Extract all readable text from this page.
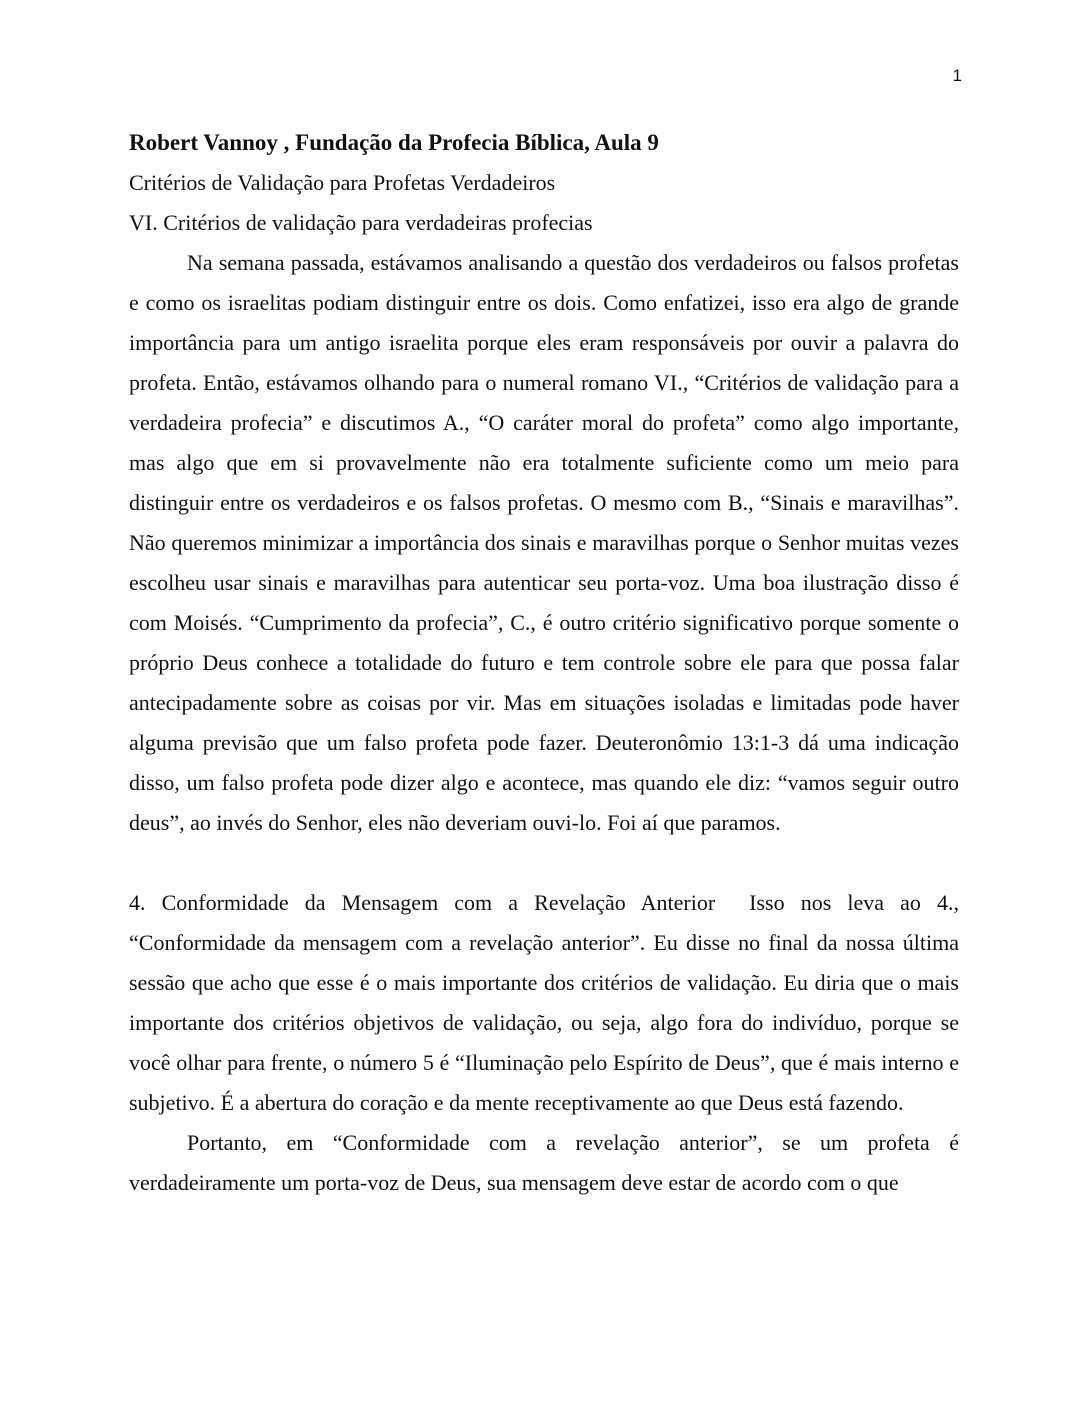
1

Robert Vannoy , Fundação da Profecia Bíblica, Aula 9

Critérios de Validação para Profetas Verdadeiros

VI. Critérios de validação para verdadeiras profecias

Na semana passada, estávamos analisando a questão dos verdadeiros ou falsos profetas e como os israelitas podiam distinguir entre os dois. Como enfatizei, isso era algo de grande importância para um antigo israelita porque eles eram responsáveis por ouvir a palavra do profeta. Então, estávamos olhando para o numeral romano VI., “Critérios de validação para a verdadeira profecia” e discutimos A., “O caráter moral do profeta” como algo importante, mas algo que em si provavelmente não era totalmente suficiente como um meio para distinguir entre os verdadeiros e os falsos profetas. O mesmo com B., “Sinais e maravilhas”. Não queremos minimizar a importância dos sinais e maravilhas porque o Senhor muitas vezes escolheu usar sinais e maravilhas para autenticar seu porta-voz. Uma boa ilustração disso é com Moisés. “Cumprimento da profecia”, C., é outro critério significativo porque somente o próprio Deus conhece a totalidade do futuro e tem controle sobre ele para que possa falar antecipadamente sobre as coisas por vir. Mas em situações isoladas e limitadas pode haver alguma previsão que um falso profeta pode fazer. Deuteronômio 13:1-3 dá uma indicação disso, um falso profeta pode dizer algo e acontece, mas quando ele diz: “vamos seguir outro deus”, ao invés do Senhor, eles não deveriam ouvi-lo. Foi aí que paramos.

4. Conformidade da Mensagem com a Revelação Anterior Isso nos leva ao 4., “Conformidade da mensagem com a revelação anterior”. Eu disse no final da nossa última sessão que acho que esse é o mais importante dos critérios de validação. Eu diria que o mais importante dos critérios objetivos de validação, ou seja, algo fora do indivíduo, porque se você olhar para frente, o número 5 é “Iluminação pelo Espírito de Deus”, que é mais interno e subjetivo. É a abertura do coração e da mente receptivamente ao que Deus está fazendo.

Portanto, em “Conformidade com a revelação anterior”, se um profeta é verdadeiramente um porta-voz de Deus, sua mensagem deve estar de acordo com o que
